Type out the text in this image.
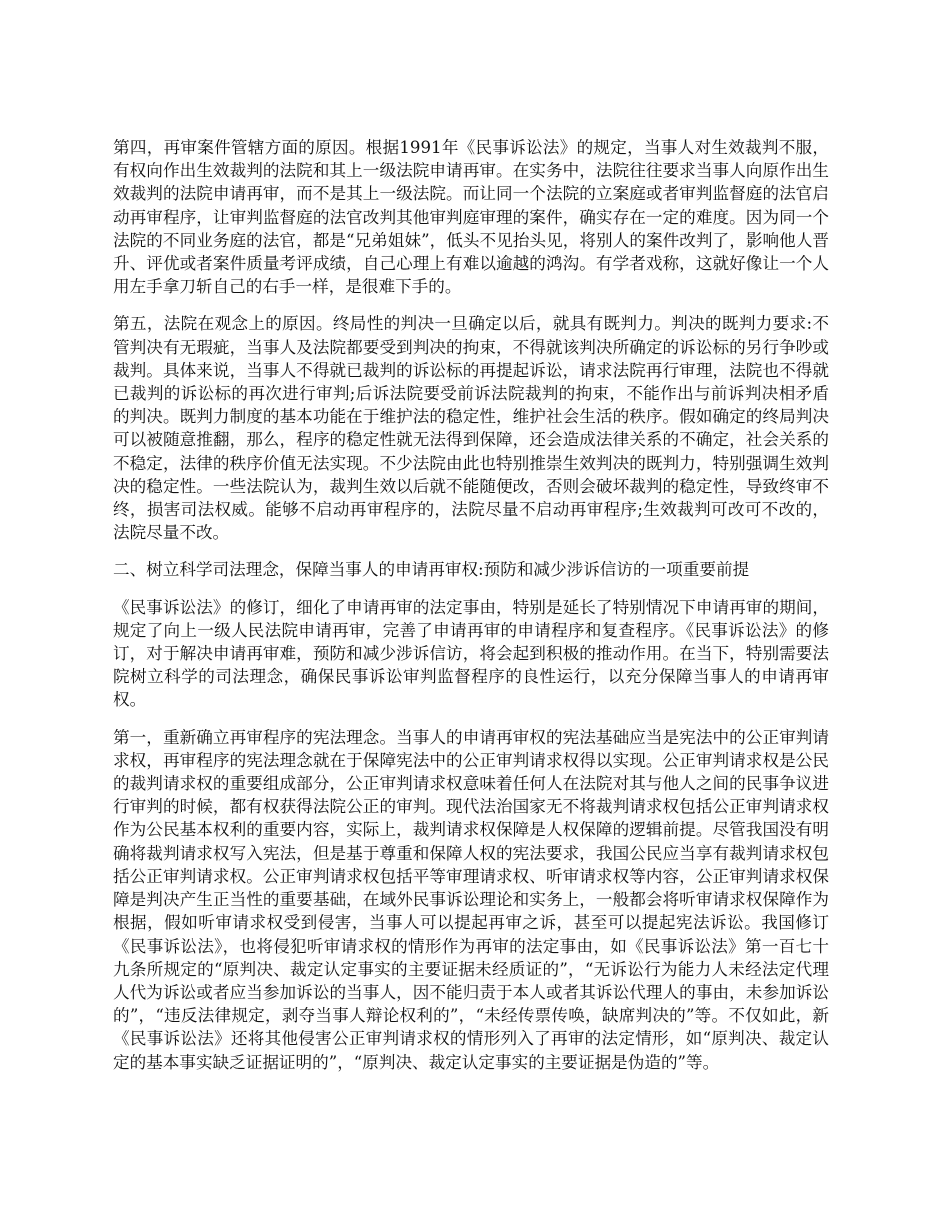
第四，再审案件管辖方面的原因。根据1991年《民事诉讼法》的规定，当事人对生效裁判不服，有权向作出生效裁判的法院和其上一级法院申请再审。在实务中，法院往往要求当事人向原作出生效裁判的法院申请再审，而不是其上一级法院。而让同一个法院的立案庭或者审判监督庭的法官启动再审程序，让审判监督庭的法官改判其他审判庭审理的案件，确实存在一定的难度。因为同一个法院的不同业务庭的法官，都是“兄弟姐妹”，低头不见抬头见，将别人的案件改判了，影响他人晋升、评优或者案件质量考评成绩，自己心理上有难以逾越的鸿沟。有学者戏称，这就好像让一个人用左手拿刀斩自己的右手一样，是很难下手的。

第五，法院在观念上的原因。终局性的判决一旦确定以后，就具有既判力。判决的既判力要求:不管判决有无瑕疵，当事人及法院都要受到判决的拘束，不得就该判决所确定的诉讼标的另行争吵或裁判。具体来说，当事人不得就已裁判的诉讼标的再提起诉讼，请求法院再行审理，法院也不得就已裁判的诉讼标的再次进行审判;后诉法院要受前诉法院裁判的拘束，不能作出与前诉判决相矛盾的判决。既判力制度的基本功能在于维护法的稳定性，维护社会生活的秩序。假如确定的终局判决可以被随意推翻，那么，程序的稳定性就无法得到保障，还会造成法律关系的不确定，社会关系的不稳定，法律的秩序价值无法实现。不少法院由此也特别推崇生效判决的既判力，特别强调生效判决的稳定性。一些法院认为，裁判生效以后就不能随便改，否则会破坏裁判的稳定性，导致终审不终，损害司法权威。能够不启动再审程序的，法院尽量不启动再审程序;生效裁判可改可不改的，法院尽量不改。

二、树立科学司法理念，保障当事人的申请再审权:预防和减少涉诉信访的一项重要前提

《民事诉讼法》的修订，细化了申请再审的法定事由，特别是延长了特别情况下申请再审的期间，规定了向上一级人民法院申请再审，完善了申请再审的申请程序和复查程序。《民事诉讼法》的修订，对于解决申请再审难，预防和减少涉诉信访，将会起到积极的推动作用。在当下，特别需要法院树立科学的司法理念，确保民事诉讼审判监督程序的良性运行，以充分保障当事人的申请再审权。

第一，重新确立再审程序的宪法理念。当事人的申请再审权的宪法基础应当是宪法中的公正审判请求权，再审程序的宪法理念就在于保障宪法中的公正审判请求权得以实现。公正审判请求权是公民的裁判请求权的重要组成部分，公正审判请求权意味着任何人在法院对其与他人之间的民事争议进行审判的时候，都有权获得法院公正的审判。现代法治国家无不将裁判请求权包括公正审判请求权作为公民基本权利的重要内容，实际上，裁判请求权保障是人权保障的逻辑前提。尽管我国没有明确将裁判请求权写入宪法，但是基于尊重和保障人权的宪法要求，我国公民应当享有裁判请求权包括公正审判请求权。公正审判请求权包括平等审理请求权、听审请求权等内容，公正审判请求权保障是判决产生正当性的重要基础，在域外民事诉讼理论和实务上，一般都会将听审请求权保障作为根据，假如听审请求权受到侵害，当事人可以提起再审之诉，甚至可以提起宪法诉讼。我国修订《民事诉讼法》，也将侵犯听审请求权的情形作为再审的法定事由，如《民事诉讼法》第一百七十九条所规定的“原判决、裁定认定事实的主要证据未经质证的”，“无诉讼行为能力人未经法定代理人代为诉讼或者应当参加诉讼的当事人，因不能归责于本人或者其诉讼代理人的事由，未参加诉讼的”，“违反法律规定，剥夺当事人辩论权利的”，“未经传票传唤，缺席判决的”等。不仅如此，新《民事诉讼法》还将其他侵害公正审判请求权的情形列入了再审的法定情形，如“原判决、裁定认定的基本事实缺乏证据证明的”，“原判决、裁定认定事实的主要证据是伪造的”等。
